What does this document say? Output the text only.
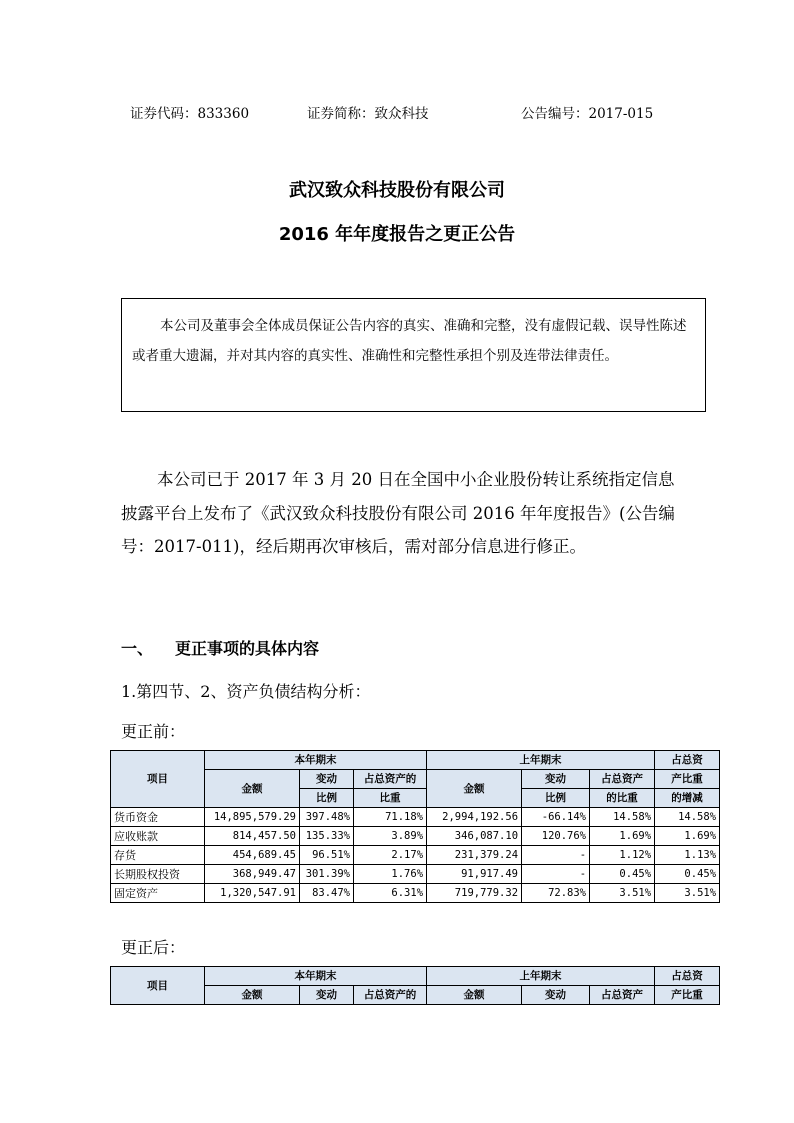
证券代码：833360	证券简称：致众科技	公告编号：2017-015
武汉致众科技股份有限公司
2016 年年度报告之更正公告

本公司及董事会全体成员保证公告内容的真实、准确和完整，没有虚假记载、误导性陈述或者重大遗漏，并对其内容的真实性、准确性和完整性承担个别及连带法律责任。

本公司已于 2017 年 3 月 20 日在全国中小企业股份转让系统指定信息披露平台上发布了《武汉致众科技股份有限公司 2016 年年度报告》(公告编号：2017-011)，经后期再次审核后，需对部分信息进行修正。

一、 更正事项的具体内容
1.第四节、2、资产负债结构分析：
更正前：
项目	本年期末			上年期末			占总资
	金额	变动	占总资产的	金额	变动	占总资产	产比重
		比例	比重		比例	的比重	的增减
货币资金	14,895,579.29	397.48%	71.18%	2,994,192.56	-66.14%	14.58%	14.58%
应收账款	814,457.50	135.33%	3.89%	346,087.10	120.76%	1.69%	1.69%
存货	454,689.45	96.51%	2.17%	231,379.24	-	1.12%	1.13%
长期股权投资	368,949.47	301.39%	1.76%	91,917.49	-	0.45%	0.45%
固定资产	1,320,547.91	83.47%	6.31%	719,779.32	72.83%	3.51%	3.51%
更正后：
项目	本年期末			上年期末			占总资
	金额	变动	占总资产的	金额	变动	占总资产	产比重
